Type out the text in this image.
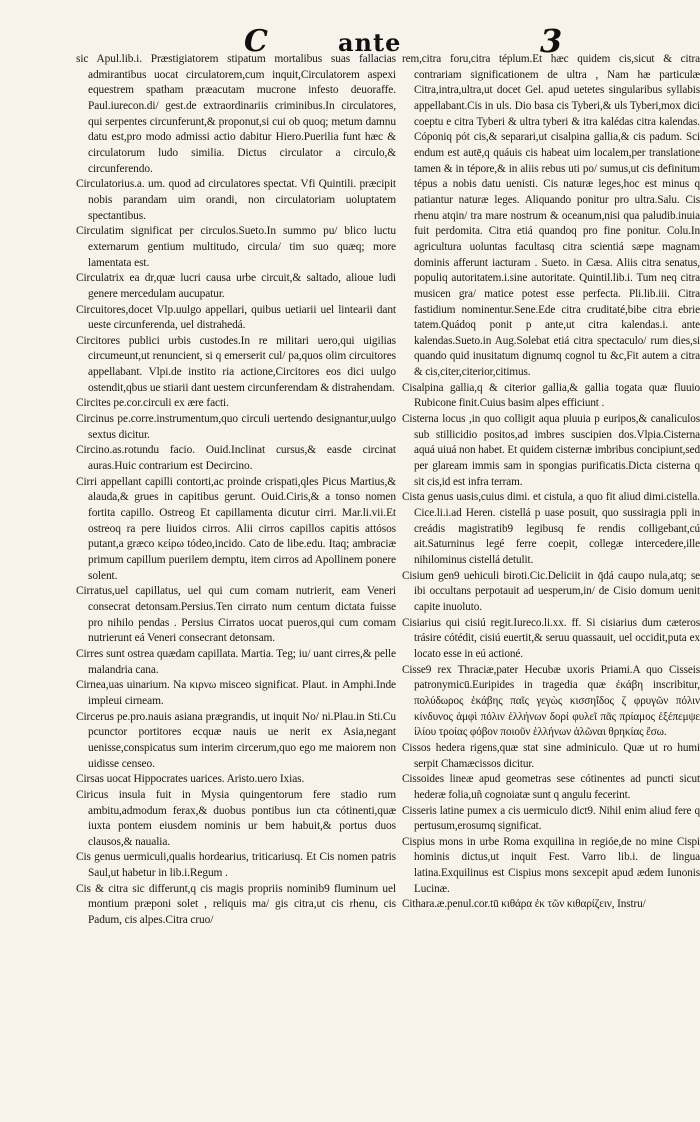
C	ante	3

sic Apul.lib.i. Præstigiatorem stipatum mortalibus suas fallacias admirantibus uocat circulatorem,cum inquit,Circulatorem aspexi equestrem spatham præacutam mucrone infesto deuoraffe. Paul.iurecon.di/ gest.de extraordinariis criminibus.In circulatores, qui serpentes circunferunt,& proponut,si cui ob quoq; metum damnu datu est,pro modo admissi actio dabitur Hiero.Puerilia funt hæc & circulatorum ludo similia. Dictus circulator a circulo,& circunferendo.

Circulatorius.a. um. quod ad circulatores spectat. Vfi Quintili. præcipit nobis parandam uim orandi, non circulatoriam uoluptatem spectantibus.

Circulatim significat per circulos.Sueto.In summo pu/ blico luctu externarum gentium multitudo, circula/ tim suo quæq; more lamentata est.

Circulatrix ea dr,quæ lucri causa urbe circuit,& saltado, alioue ludi genere mercedulam aucupatur.

Circuitores,docet Vlp.uulgo appellari, quibus uetiarii uel lintearii dant ueste circunferenda, uel distrahedá.

Circitores publici urbis custodes.In re militari uero,qui uigilias circumeunt,ut renuncient, si q emerserit cul/ pa,quos olim circuitores appellabant. Vlpi.de instito ria actione,Circitores eos dici uulgo ostendit,qbus ue stiarii dant uestem circunferendam & distrahendam.

Circites pe.cor.circuli ex ære facti.

Circinus pe.corre.instrumentum,quo circuli uertendo designantur,uulgo sextus dicitur.

Circino.as.rotundu facio. Ouid.Inclinat cursus,& easde circinat auras.Huic contrarium est Decircino.

Cirri appellant capilli contorti,ac proinde crispati,qles Picus Martius,& alauda,& grues in capitibus gerunt. Ouid.Ciris,& a tonso nomen fortita capillo. Ostreog Et capillamenta dicutur cirri. Mar.li.vii.Et ostreoq ra pere liuidos cirros. Alii cirros capillos capitis attósos putant,a græco κείρω tódeo,incido. Cato de libe.edu. Itaq; ambraciæ primum capillum puerilem demptu, item cirros ad Apollinem ponere solent.

Cirratus,uel capillatus, uel qui cum comam nutrierit, eam Veneri consecrat detonsam.Persius.Ten cirrato num centum dictata fuisse pro nihilo pendas . Persius Cirratos uocat pueros,qui cum comam nutrierunt eá Veneri consecrant detonsam.

Cirres sunt ostrea quædam capillata. Martia. Teg; iu/ uant cirres,& pelle malandria cana.

Cirnea,uas uinarium. Na κιρνω misceo significat. Plaut. in Amphi.Inde impleui cirneam.

Circerus pe.pro.nauis asiana prægrandis, ut inquit No/ ni.Plau.in Sti.Cu pcunctor portitores ecquæ nauis ue nerit ex Asia,negant uenisse,conspicatus sum interim circerum,quo ego me maiorem non uidisse censeo.

Cirsas uocat Hippocrates uarices. Aristo.uero Ixias.

Ciricus insula fuit in Mysia quingentorum fere stadio rum ambitu,admodum ferax,& duobus pontibus iun cta cótinenti,quæ iuxta pontem eiusdem nominis ur bem habuit,& portus duos clausos,& naualia.

Cis genus uermiculi,qualis hordearius, triticariusq. Et Cis nomen patris Saul,ut habetur in lib.i.Regum .

Cis & citra sic differunt,q cis magis propriis nominib9 fluminum uel montium præponi solet , reliquis ma/ gis citra,ut cis rhenu, cis Padum, cis alpes.Citra cruo/

rem,citra foru,citra téplum.Et hæc quidem cis,sicut & citra contrariam significationem de ultra , Nam hæ particulæ Citra,intra,ultra,ut docet Gel. apud uetetes singularibus syllabis appellabant.Cis in uls. Dio basa cis Tyberi,& uls Tyberi,mox dici coeptu e citra Tyberi & ultra tyberi & itra kalédas citra kalendas. Cóponiq pót cis,& separari,ut cisalpina gallia,& cis padum. Sci endum est autē,q quáuis cis habeat uim localem,per translatione tamen & in tépore,& in aliis rebus uti po/ sumus,ut cis definitum tépus a nobis datu uenisti. Cis naturæ leges,hoc est minus q patiantur naturæ leges. Aliquando ponitur pro ultra.Salu. Cis rhenu atqin/ tra mare nostrum & oceanum,nisi qua paludib.inuia fuit perdomita. Citra etiá quandoq pro fine ponitur. Colu.In agricultura uoluntas facultasq citra scientiá sæpe magnam dominis afferunt iacturam . Sueto. in Cæsa. Aliis citra senatus, populiq autoritatem.i.sine autoritate. Quintil.lib.i. Tum neq citra musicen gra/ matice potest esse perfecta. Pli.lib.iii. Citra fastidium nominentur.Sene.Ede citra cruditaté,bibe citra ebrie tatem.Quádoq ponit p ante,ut citra kalendas.i. ante kalendas.Sueto.in Aug.Solebat etiá citra spectaculo/ rum dies,si quando quid inusitatum dignumq cognol tu &c,Fit autem a citra & cis,citer,citerior,citimus.

Cisalpina gallia,q & citerior gallia,& gallia togata quæ fluuio Rubicone finit.Cuius basim alpes efficiunt .

Cisterna locus ,in quo colligit aqua pluuia p euripos,& canaliculos sub stillicidio positos,ad imbres suscipien dos.Vlpia.Cisterna aquá uiuá non habet. Et quidem cisternæ imbribus concipiunt,sed per glaream immis sam in spongias purificatis.Dicta cisterna q sit cis,id est infra terram.

Cista genus uasis,cuius dimi. et cistula, a quo fit aliud dimi.cistella. Cice.li.i.ad Heren. cistellá p uase posuit, quo sussiragia ppli in creádis magistratib9 legibusq fe rendis colligebant,cú ait.Saturninus legé ferre coepit, collegæ intercedere,ille nihilominus cistellá detulit.

Cisium gen9 uehiculi biroti.Cic.Deliciit in q̄dá caupo nula,atq; se ibi occultans perpotauit ad uesperum,in/ de Cisio domum uenit capite inuoluto.

Cisiarius qui cisiú regit.Iureco.li.xx. ff. Si cisiarius dum cæteros trásire cótédit, cisiú euertit,& seruu quassauit, uel occidit,puta ex locato esse in eú actioné.

Cisse9 rex Thraciæ,pater Hecubæ uxoris Priami.A quo Cisseis patronymicū.Euripides in tragedia quæ έκάβη inscribitur, πολύδωρος ἑκάβης παῖς γεγὼς κισσηΐδος ζ φρυγῶν πόλιν κίνδυνος ἀμφὶ πόλιν ἑλλήνων δορί φυλεῖ πᾶς πρίαμος ἑξέπεμψε ἰλίου τροίας φόβον ποιοῦν ἑλλήνων ἁλῶναι θρηκίας ἔσω.

Cissos hedera rigens,quæ stat sine adminiculo. Quæ ut ro humi serpit Chamæcissos dicitur.

Cissoides lineæ apud geometras sese cótinentes ad puncti sicut hederæ folia,uñ cognoiatæ sunt q angulu fecerint.

Cisseris latine pumex a cis uermiculo dict9. Nihil enim aliud fere q pertusum,erosumq significat.

Cispius mons in urbe Roma exquilina in regióe,de no mine Cispi hominis dictus,ut inquit Fest. Varro lib.i. de lingua latina.Exquilinus est Cispius mons sexcepit apud ædem Iunonis Lucinæ.

Cithara.æ.penul.cor.tū κιθάρα ἐκ τῶν κιθαρίζειν, Instru/
